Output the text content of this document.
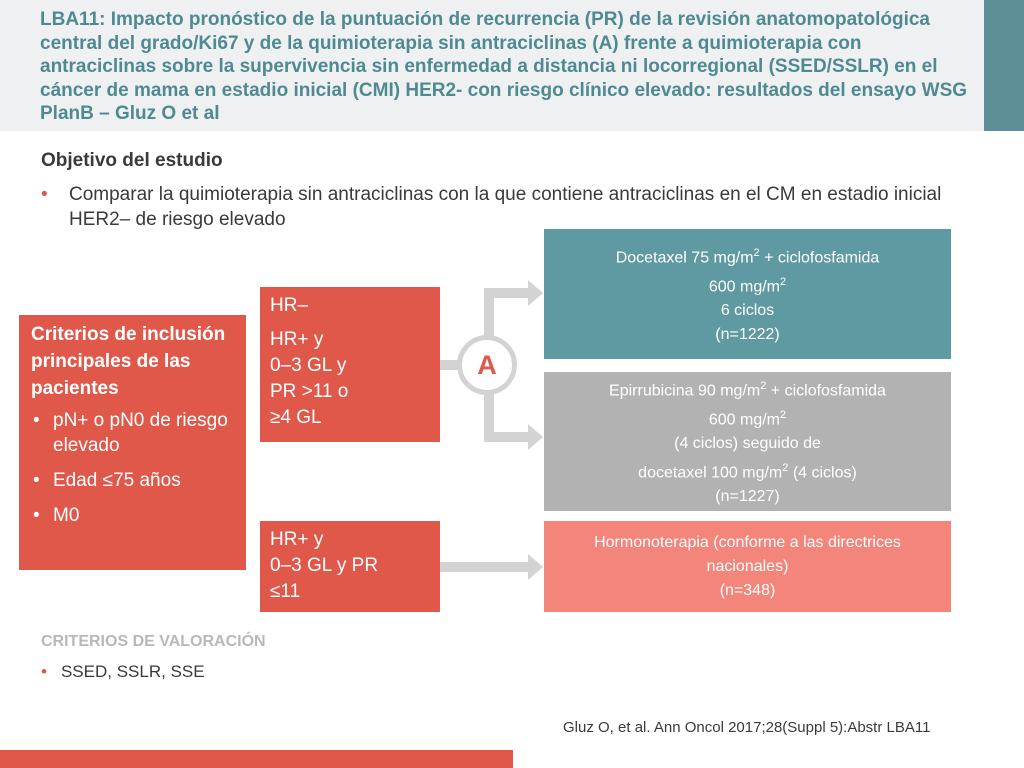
LBA11: Impacto pronóstico de la puntuación de recurrencia (PR) de la revisión anatomopatológica central del grado/Ki67 y de la quimioterapia sin antraciclinas (A) frente a quimioterapia con antraciclinas sobre la supervivencia sin enfermedad a distancia ni locorregional (SSED/SSLR) en el cáncer de mama en estadio inicial (CMI) HER2- con riesgo clínico elevado: resultados del ensayo WSG PlanB – Gluz O et al
Objetivo del estudio
• Comparar la quimioterapia sin antraciclinas con la que contiene antraciclinas en el CM en estadio inicial HER2– de riesgo elevado
Criterios de inclusión principales de las pacientes
• pN+ o pN0 de riesgo elevado
• Edad ≤75 años
• M0
HR–
HR+ y
0–3 GL y
PR >11 o
≥4 GL
HR+ y
0–3 GL y PR
≤11
A
Docetaxel 75 $mg/m^2$ + ciclofosfamida
600 $mg/m^2$
6 ciclos
(n=1222)
Epirrubicina 90 $mg/m^2$ + ciclofosfamida
600 $mg/m^2$
(4 ciclos) seguido de
docetaxel 100 $mg/m^2$ (4 ciclos)
(n=1227)
Hormonoterapia (conforme a las directrices
nacionales)
(n=348)
CRITERIOS DE VALORACIÓN
• SSED, SSLR, SSE
Gluz O, et al. Ann Oncol 2017;28(Suppl 5):Abstr LBA11
